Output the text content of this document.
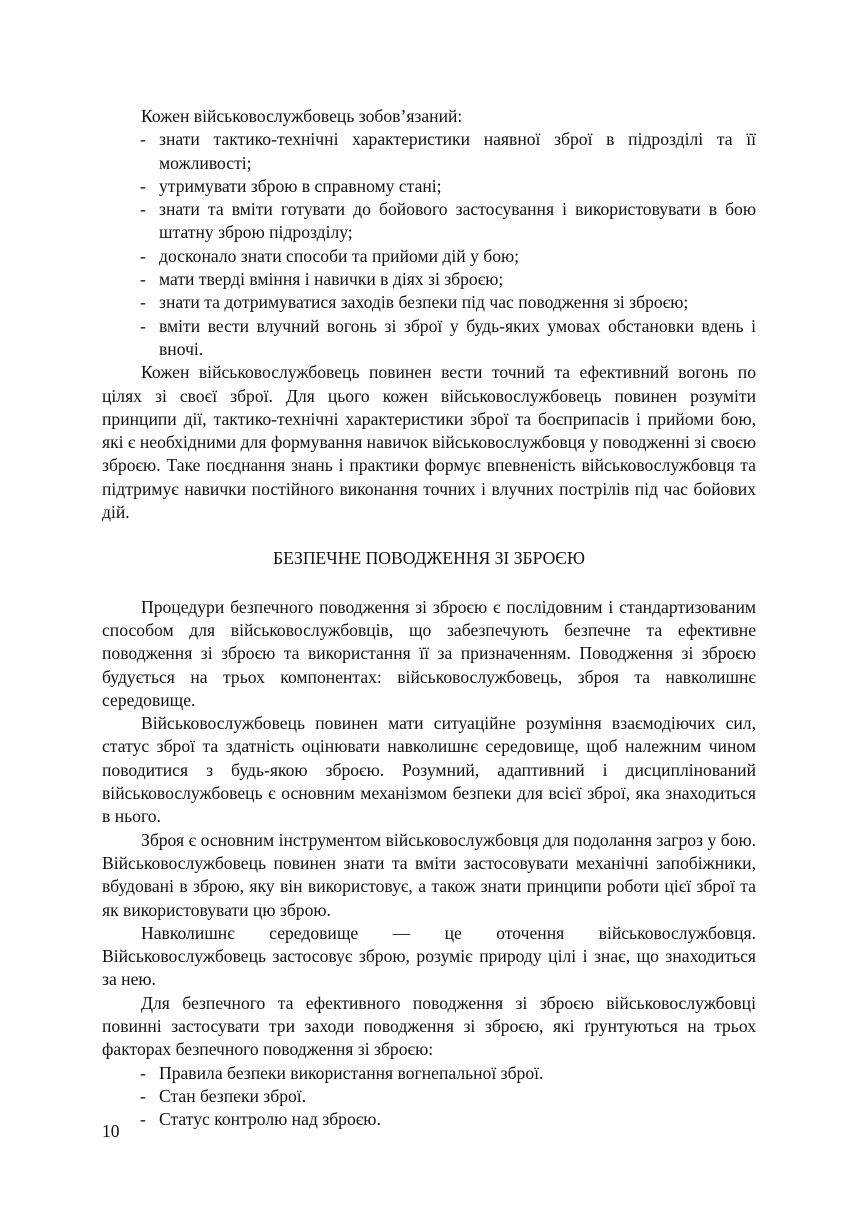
Кожен військовослужбовець зобов’язаний:

- знати тактико-технічні характеристики наявної зброї в підрозділі та її можливості;
- утримувати зброю в справному стані;
- знати та вміти готувати до бойового застосування і використовувати в бою штатну зброю підрозділу;
- досконало знати способи та прийоми дій у бою;
- мати тверді вміння і навички в діях зі зброєю;
- знати та дотримуватися заходів безпеки під час поводження зі зброєю;
- вміти вести влучний вогонь зі зброї у будь-яких умовах обстановки вдень і вночі.

Кожен військовослужбовець повинен вести точний та ефективний вогонь по цілях зі своєї зброї. Для цього кожен військовослужбовець повинен розуміти принципи дії, тактико-технічні характеристики зброї та боєприпасів і прийоми бою, які є необхідними для формування навичок військовослужбовця у поводженні зі своєю зброєю. Таке поєднання знань і практики формує впевненість військовослужбовця та підтримує навички постійного виконання точних і влучних пострілів під час бойових дій.

БЕЗПЕЧНЕ ПОВОДЖЕННЯ ЗІ ЗБРОЄЮ

Процедури безпечного поводження зі зброєю є послідовним і стандартизованим способом для військовослужбовців, що забезпечують безпечне та ефективне поводження зі зброєю та використання її за призначенням. Поводження зі зброєю будується на трьох компонентах: військовослужбовець, зброя та навколишнє середовище.

Військовослужбовець повинен мати ситуаційне розуміння взаємодіючих сил, статус зброї та здатність оцінювати навколишнє середовище, щоб належним чином поводитися з будь-якою зброєю. Розумний, адаптивний і дисциплінований військовослужбовець є основним механізмом безпеки для всієї зброї, яка знаходиться в нього.

Зброя є основним інструментом військовослужбовця для подолання загроз у бою. Військовослужбовець повинен знати та вміти застосовувати механічні запобіжники, вбудовані в зброю, яку він використовує, а також знати принципи роботи цієї зброї та як використовувати цю зброю.

Навколишнє середовище — це оточення військовослужбовця. Військовослужбовець застосовує зброю, розуміє природу цілі і знає, що знаходиться за нею.

Для безпечного та ефективного поводження зі зброєю військовослужбовці повинні застосувати три заходи поводження зі зброєю, які ґрунтуються на трьох факторах безпечного поводження зі зброєю:

- Правила безпеки використання вогнепальної зброї.
- Стан безпеки зброї.
- Статус контролю над зброєю.
10
